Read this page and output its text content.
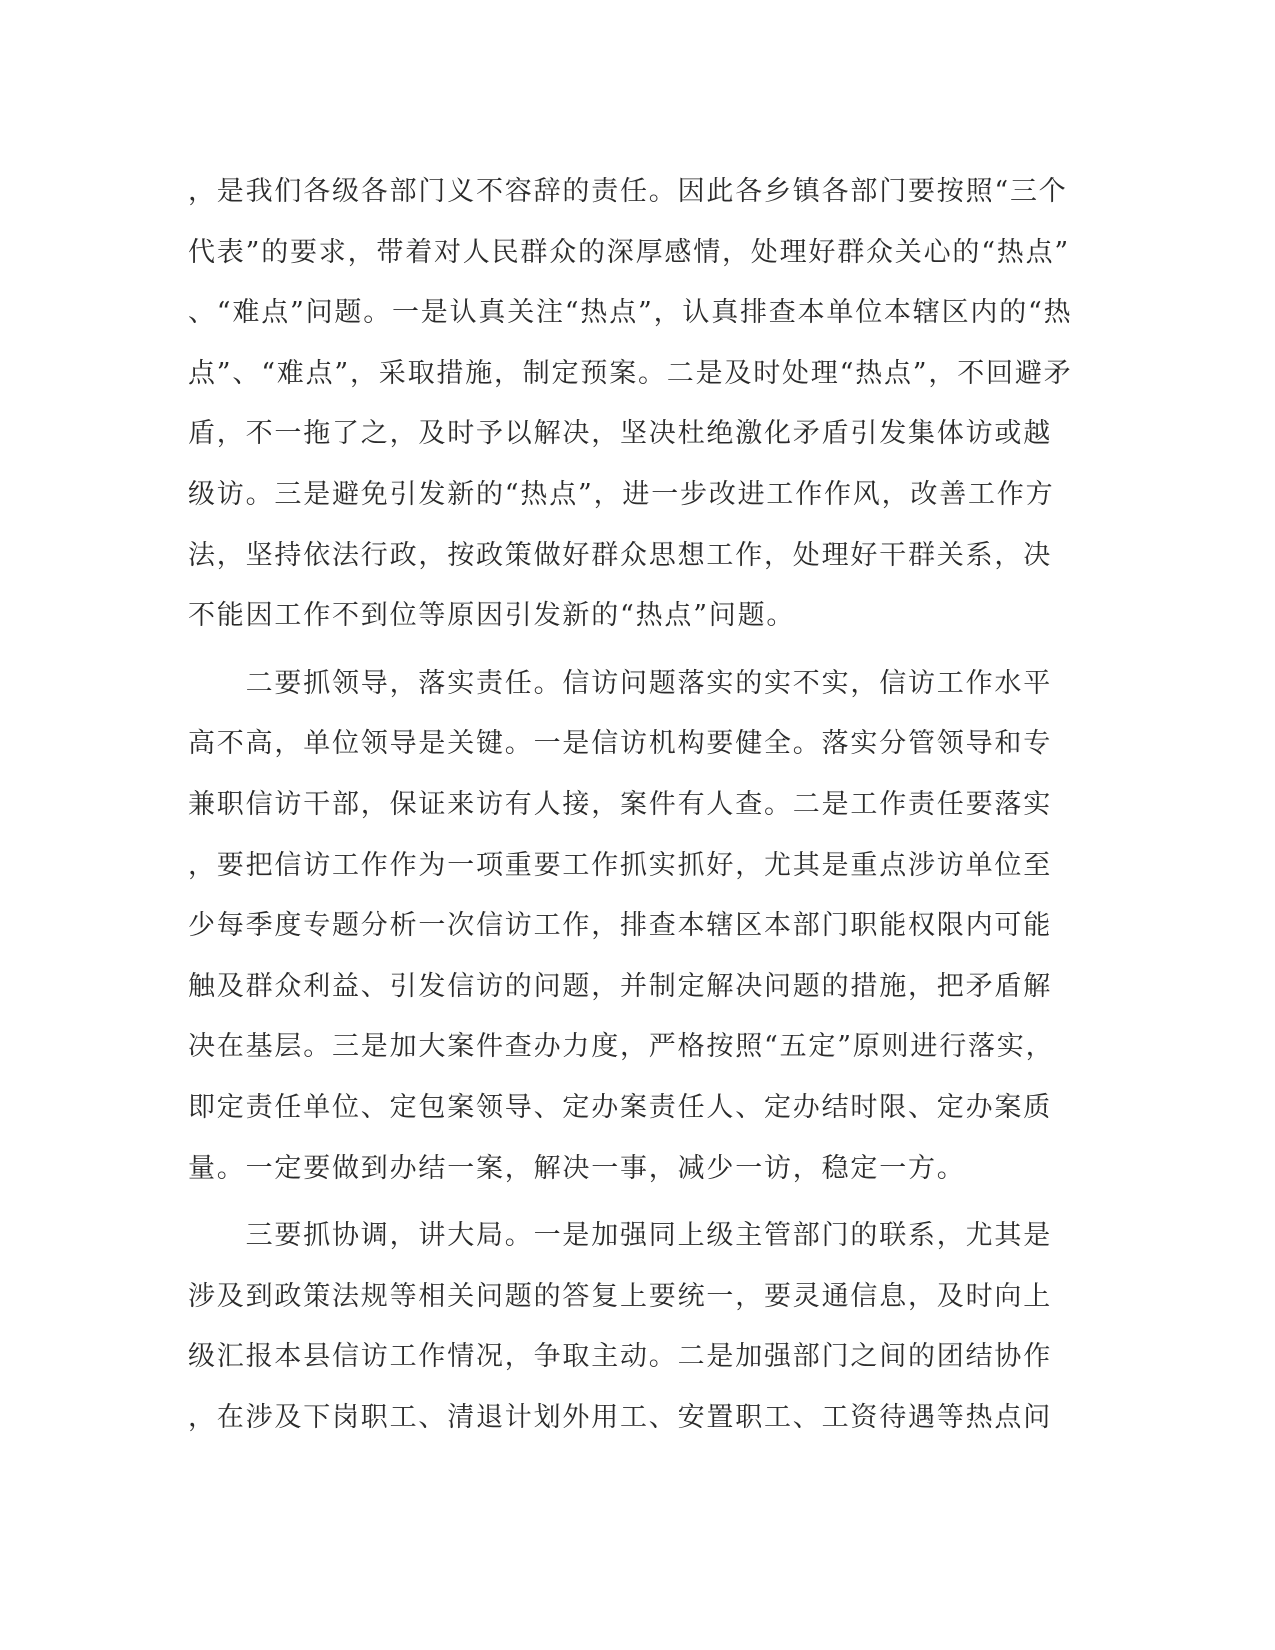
，是我们各级各部门义不容辞的责任。因此各乡镇各部门要按照“三个

代表”的要求，带着对人民群众的深厚感情，处理好群众关心的“热点”

、“难点”问题。一是认真关注“热点”，认真排查本单位本辖区内的“热

点”、“难点”，采取措施，制定预案。二是及时处理“热点”，不回避矛

盾，不一拖了之，及时予以解决，坚决杜绝激化矛盾引发集体访或越

级访。三是避免引发新的“热点”，进一步改进工作作风，改善工作方

法，坚持依法行政，按政策做好群众思想工作，处理好干群关系，决

不能因工作不到位等原因引发新的“热点”问题。

　　二要抓领导，落实责任。信访问题落实的实不实，信访工作水平

高不高，单位领导是关键。一是信访机构要健全。落实分管领导和专

兼职信访干部，保证来访有人接，案件有人查。二是工作责任要落实

，要把信访工作作为一项重要工作抓实抓好，尤其是重点涉访单位至

少每季度专题分析一次信访工作，排查本辖区本部门职能权限内可能

触及群众利益、引发信访的问题，并制定解决问题的措施，把矛盾解

决在基层。三是加大案件查办力度，严格按照“五定”原则进行落实，

即定责任单位、定包案领导、定办案责任人、定办结时限、定办案质

量。一定要做到办结一案，解决一事，减少一访，稳定一方。

　　三要抓协调，讲大局。一是加强同上级主管部门的联系，尤其是

涉及到政策法规等相关问题的答复上要统一，要灵通信息，及时向上

级汇报本县信访工作情况，争取主动。二是加强部门之间的团结协作

，在涉及下岗职工、清退计划外用工、安置职工、工资待遇等热点问
